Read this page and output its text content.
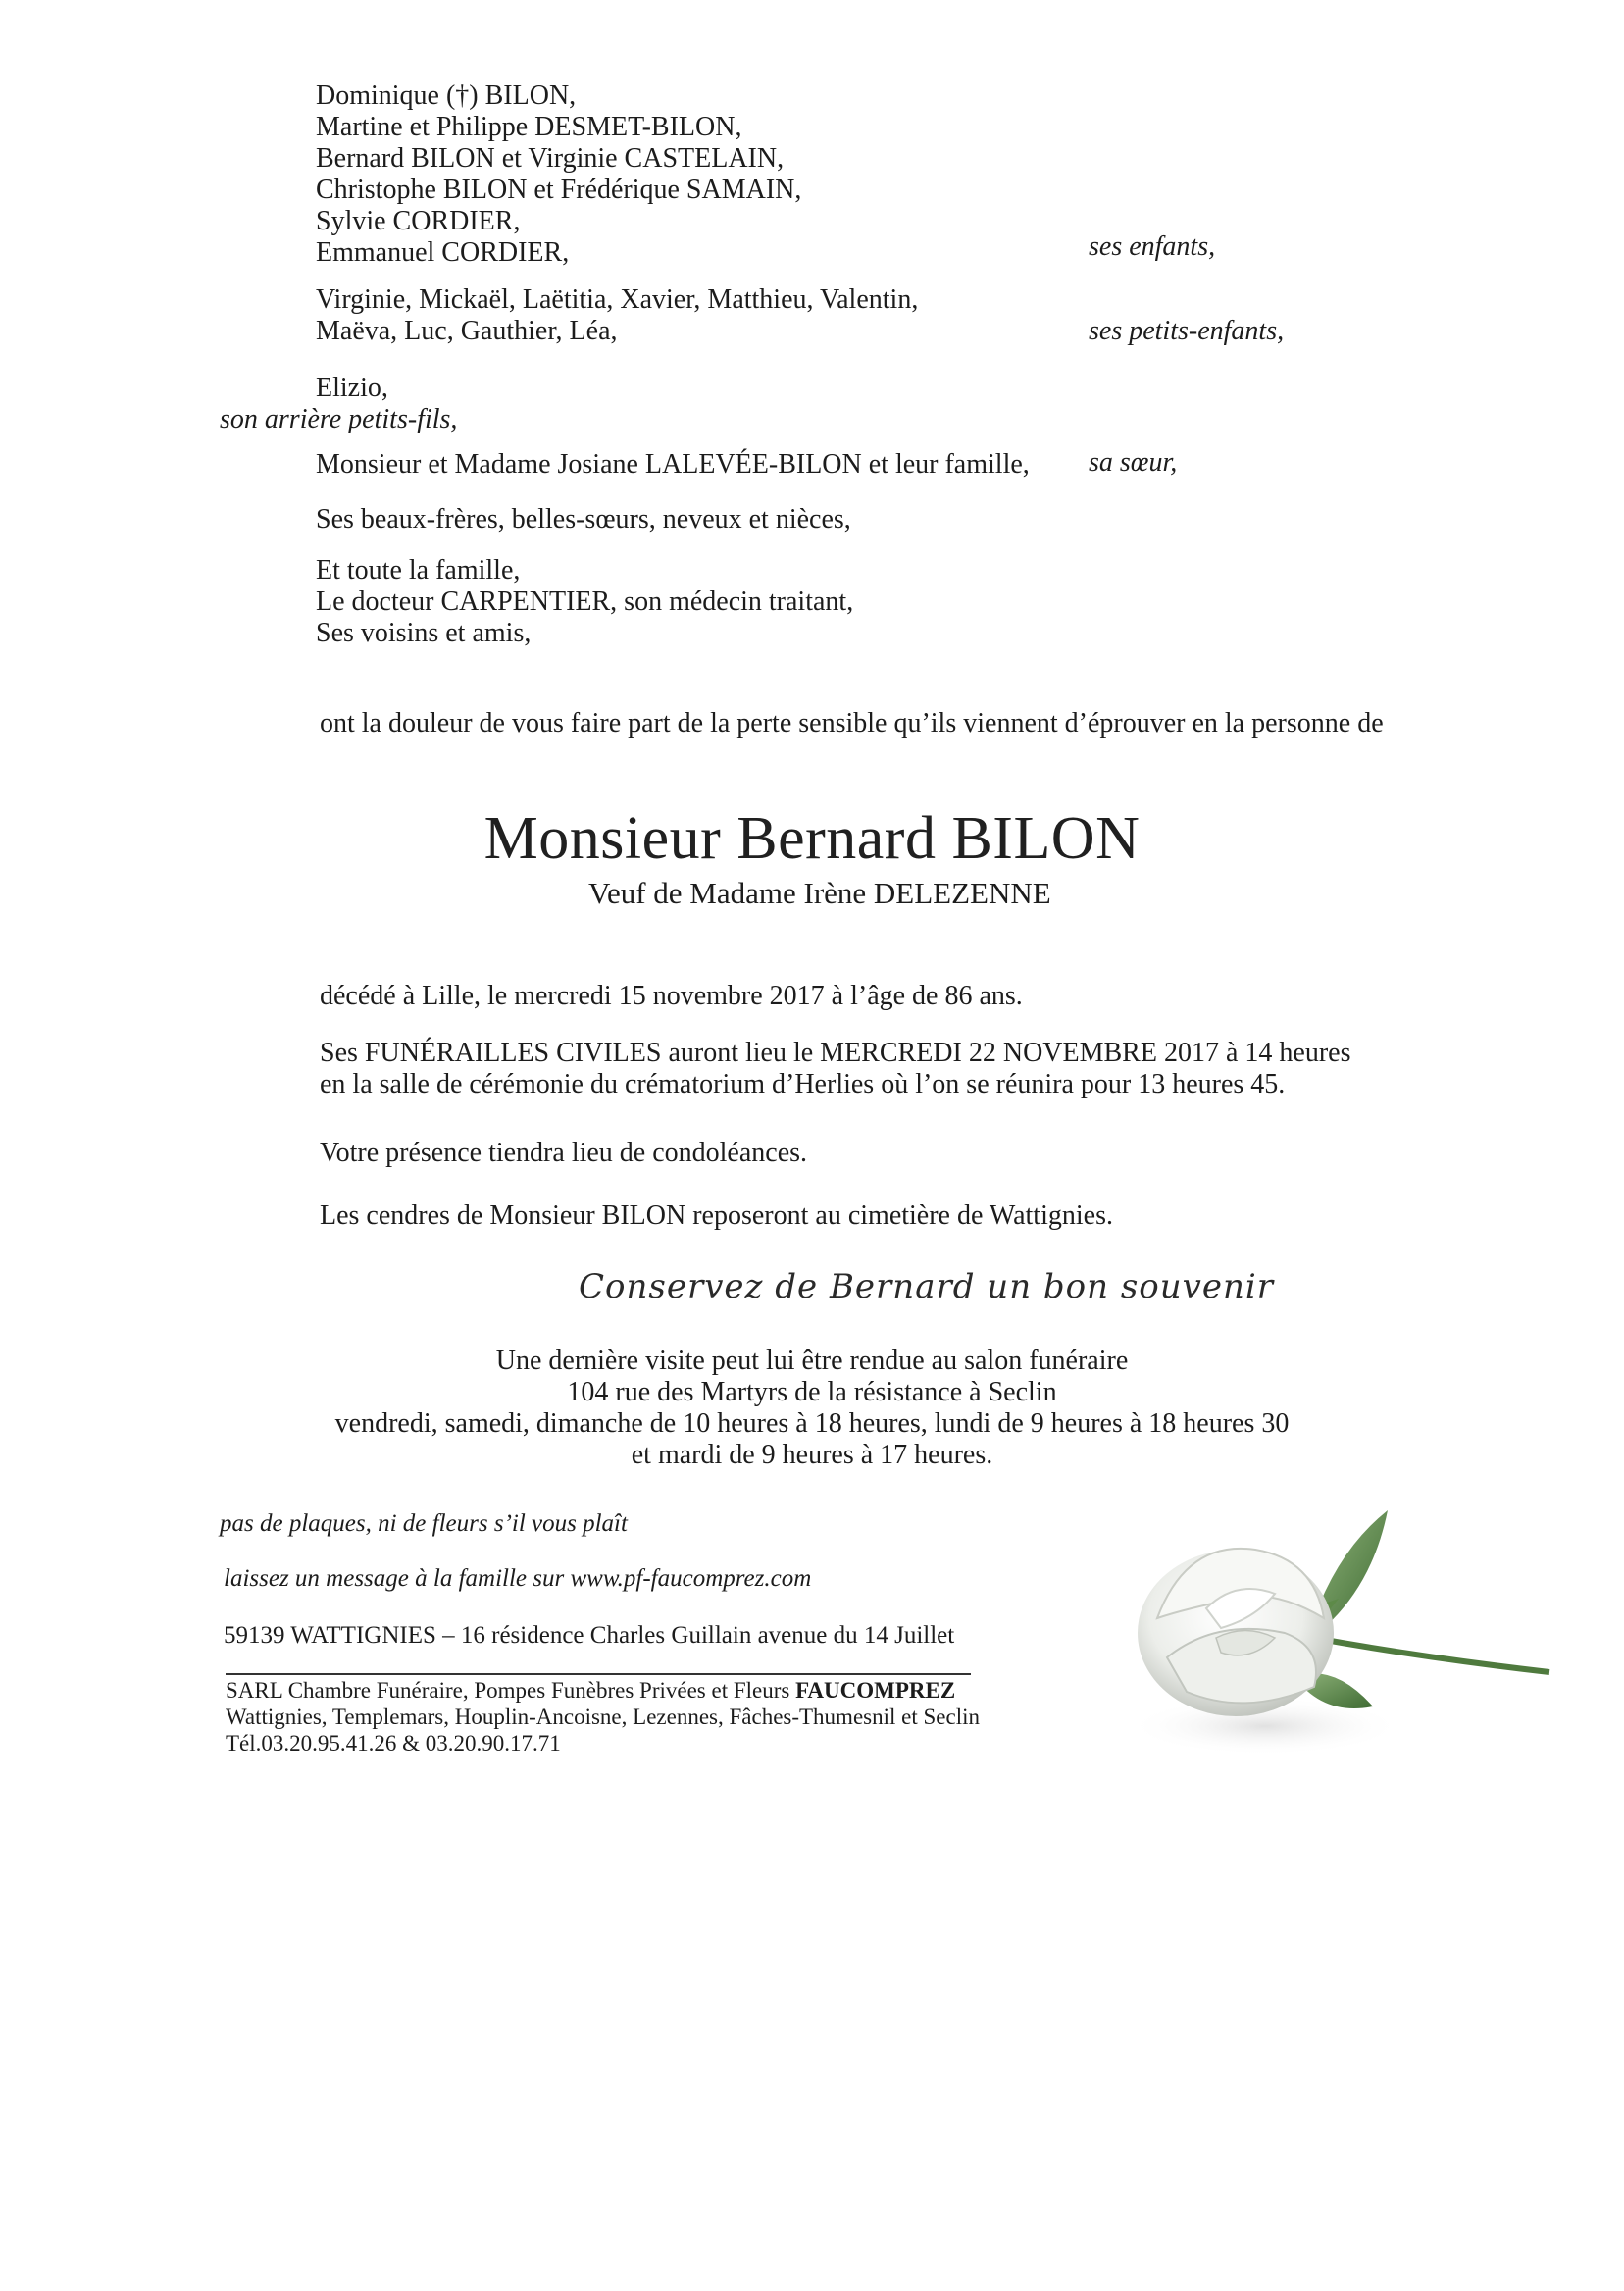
Dominique (†) BILON,
Martine et Philippe DESMET-BILON,
Bernard BILON et Virginie CASTELAIN,
Christophe BILON et Frédérique SAMAIN,
Sylvie CORDIER,
Emmanuel CORDIER,	ses enfants,
Virginie, Mickaël, Laëtitia, Xavier, Matthieu, Valentin,
Maëva, Luc, Gauthier, Léa,	ses petits-enfants,
Elizio,
son arrière petits-fils,
Monsieur et Madame Josiane LALEVÉE-BILON et leur famille, sa sœur,
Ses beaux-frères, belles-sœurs, neveux et nièces,
Et toute la famille,
Le docteur CARPENTIER, son médecin traitant,
Ses voisins et amis,
ont la douleur de vous faire part de la perte sensible qu’ils viennent d’éprouver en la personne de
Monsieur Bernard BILON
Veuf de Madame Irène DELEZENNE
décédé à Lille, le mercredi 15 novembre 2017 à l’âge de 86 ans.
Ses FUNÉRAILLES CIVILES auront lieu le MERCREDI 22 NOVEMBRE 2017 à 14 heures
en la salle de cérémonie du crématorium d’Herlies où l’on se réunira pour 13 heures 45.
Votre présence tiendra lieu de condoléances.
Les cendres de Monsieur BILON reposeront au cimetière de Wattignies.
Conservez de Bernard un bon souvenir
Une dernière visite peut lui être rendue au salon funéraire
104 rue des Martyrs de la résistance à Seclin
vendredi, samedi, dimanche de 10 heures à 18 heures, lundi de 9 heures à 18 heures 30
et mardi de 9 heures à 17 heures.
pas de plaques, ni de fleurs s’il vous plaît
laissez un message à la famille sur www.pf-faucomprez.com
59139 WATTIGNIES – 16 résidence Charles Guillain avenue du 14 Juillet
SARL Chambre Funéraire, Pompes Funèbres Privées et Fleurs FAUCOMPREZ
Wattignies, Templemars, Houplin-Ancoisne, Lezennes, Fâches-Thumesnil et Seclin
Tél.03.20.95.41.26 & 03.20.90.17.71
